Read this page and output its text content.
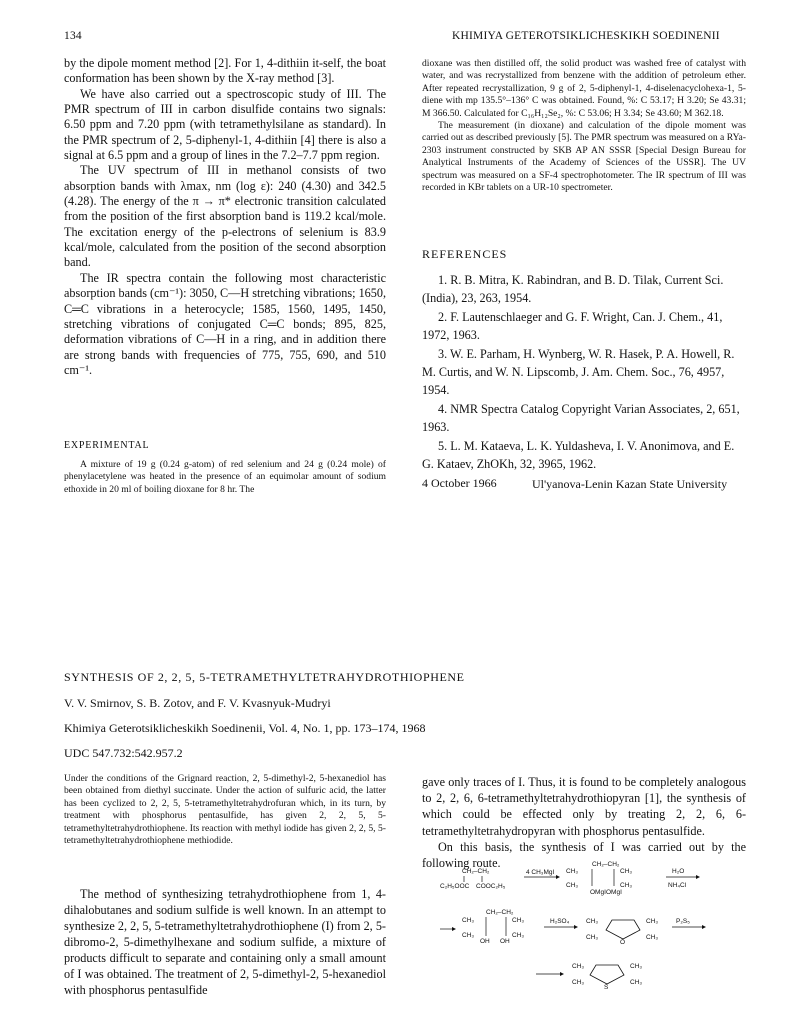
134	KHIMIYA GETEROTSIKLICHESKIKH SOEDINENII

by the dipole moment method [2]. For 1, 4-dithiin it-self, the boat conformation has been shown by the X-ray method [3].

We have also carried out a spectroscopic study of III. The PMR spectrum of III in carbon disulfide contains two signals: 6.50 ppm and 7.20 ppm (with tetramethylsilane as standard). In the PMR spectrum of 2, 5-diphenyl-1, 4-dithiin [4] there is also a signal at 6.5 ppm and a group of lines in the 7.2–7.7 ppm region.

The UV spectrum of III in methanol consists of two absorption bands with λmax, nm (log ε): 240 (4.30) and 342.5 (4.28). The energy of the π → π* electronic transition calculated from the position of the first absorption band is 119.2 kcal/mole. The excitation energy of the p-electrons of selenium is 83.9 kcal/mole, calculated from the position of the second absorption band.

The IR spectra contain the following most characteristic absorption bands (cm⁻¹): 3050, C—H stretching vibrations; 1650, C═C vibrations in a heterocycle; 1585, 1560, 1495, 1450, stretching vibrations of conjugated C═C bonds; 895, 825, deformation vibrations of C—H in a ring, and in addition there are strong bands with frequencies of 775, 755, 690, and 510 cm⁻¹.

EXPERIMENTAL

A mixture of 19 g (0.24 g-atom) of red selenium and 24 g (0.24 mole) of phenylacetylene was heated in the presence of an equimolar amount of sodium ethoxide in 20 ml of boiling dioxane for 8 hr. The

dioxane was then distilled off, the solid product was washed free of catalyst with water, and was recrystallized from benzene with the addition of petroleum ether. After repeated recrystallization, 9 g of 2, 5-diphenyl-1, 4-diselenacyclohexa-1, 5-diene with mp 135.5°–136° C was obtained. Found, %: C 53.17; H 3.20; Se 43.31; M 366.50. Calculated for C₁₆H₁₂Se₂, %: C 53.06; H 3.34; Se 43.60; M 362.18.

The measurement (in dioxane) and calculation of the dipole moment was carried out as described previously [5]. The PMR spectrum was measured on a RYa-2303 instrument constructed by SKB AP AN SSSR [Special Design Bureau for Analytical Instruments of the Academy of Sciences of the USSR]. The UV spectrum was measured on a SF-4 spectrophotometer. The IR spectrum of III was recorded in KBr tablets on a UR-10 spectrometer.

REFERENCES

1. R. B. Mitra, K. Rabindran, and B. D. Tilak, Current Sci. (India), 23, 263, 1954.

2. F. Lautenschlaeger and G. F. Wright, Can. J. Chem., 41, 1972, 1963.

3. W. E. Parham, H. Wynberg, W. R. Hasek, P. A. Howell, R. M. Curtis, and W. N. Lipscomb, J. Am. Chem. Soc., 76, 4957, 1954.

4. NMR Spectra Catalog Copyright Varian Associates, 2, 651, 1963.

5. L. M. Kataeva, L. K. Yuldasheva, I. V. Anonimova, and E. G. Kataev, ZhOKh, 32, 3965, 1962.

4 October 1966	Ul'yanova-Lenin Kazan State University
SYNTHESIS OF 2, 2, 5, 5-TETRAMETHYLTETRAHYDROTHIOPHENE
V. V. Smirnov, S. B. Zotov, and F. V. Kvasnyuk-Mudryi
Khimiya Geterotsiklicheskikh Soedinenii, Vol. 4, No. 1, pp. 173–174, 1968
UDC 547.732:542.957.2

Under the conditions of the Grignard reaction, 2, 5-dimethyl-2, 5-hexanediol has been obtained from diethyl succinate. Under the action of sulfuric acid, the latter has been cyclized to 2, 2, 5, 5-tetramethyltetrahydrofuran which, in its turn, by treatment with phosphorus pentasulfide, has given 2, 2, 5, 5-tetramethyltetrahydrothiophene. Its reaction with methyl iodide has given 2, 2, 5, 5-tetramethyltetrahydrothiophene methiodide.

The method of synthesizing tetrahydrothiophene from 1, 4-dihalobutanes and sodium sulfide is well known. In an attempt to synthesize 2, 2, 5, 5-tetramethyltetrahydrothiophene (I) from 2, 5-dibromo-2, 5-dimethylhexane and sodium sulfide, a mixture of products difficult to separate and containing only a small amount of I was obtained. The treatment of 2, 5-dimethyl-2, 5-hexanediol with phosphorus pentasulfide

gave only traces of I. Thus, it is found to be completely analogous to 2, 2, 6, 6-tetramethyltetrahydrothiopyran [1], the synthesis of which could be effected only by treating 2, 2, 6, 6-tetramethyltetrahydropyran with phosphorus pentasulfide.

On this basis, the synthesis of I was carried out by the following route.

CH₂–CH₂
C₂H₅OOC COOC₂H₅
4 CH₃MgI
CH₂–CH₂
CH₃
CH₃
CH₃
CH₃
OMgI OMgI
H₂O
NH₄Cl
CH₂–CH₂
CH₃
CH₃
CH₃
CH₃
OH OH
H₂SO₄	CH₃
CH₃
CH₃
CH₃
O
P₂S₅
CH₃
CH₃
CH₃
CH₃
S
